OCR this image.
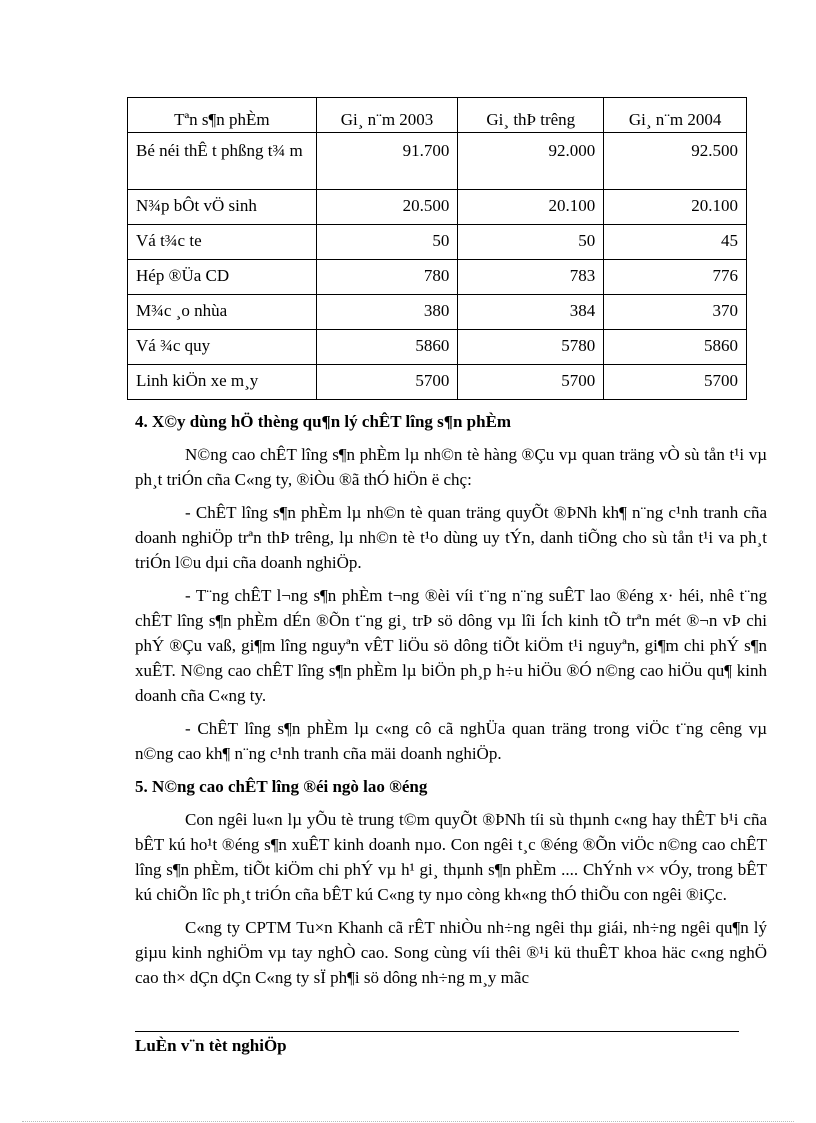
Tªn s¶n phÈm	Gi¸ n¨m 2003	Gi¸ thÞ trêng	Gi¸ n¨m 2004
Bé néi thÊ t phßng t¾ m	91.700	92.000	92.500
N¾p bÔt vÖ sinh	20.500	20.100	20.100
Vá t¾c te	50	50	45
Hép ®Üa CD	780	783	776
M¾c ¸o nhùa	380	384	370
Vá ¾c quy	5860	5780	5860
Linh kiÖn xe m¸y	5700	5700	5700
4. X©y dùng hÖ thèng qu¶n lý chÊT lîng s¶n phÈm
N©ng cao chÊT lîng s¶n phÈm lµ nh©n tè hàng ®Çu vµ quan träng vÒ sù tån t¹i vµ ph¸t triÓn cña C«ng ty, ®iÒu ®ã thÓ hiÖn ë chç:
- ChÊT lîng s¶n phÈm lµ nh©n tè quan träng quyÕt ®ÞNh kh¶ n¨ng c¹nh tranh cña doanh nghiÖp trªn thÞ trêng, lµ nh©n tè t¹o dùng uy tÝn, danh tiÕng cho sù tån t¹i va ph¸t triÓn l©u dµi cña doanh nghiÖp.
- T¨ng chÊT l¬ng s¶n phÈm t¬ng ®èi víi t¨ng n¨ng suÊT lao ®éng x· héi, nhê t¨ng chÊT lîng s¶n phÈm dÉn ®Õn t¨ng gi¸ trÞ sö dông vµ lîi Ích kinh tÕ trªn mét ®¬n vÞ chi phÝ ®Çu vaß, gi¶m lîng nguyªn vÊT liÖu sö dông tiÕt kiÖm t¹i nguyªn, gi¶m chi phÝ s¶n xuÊT. N©ng cao chÊT lîng s¶n phÈm lµ biÖn ph¸p h÷u hiÖu ®Ó n©ng cao hiÖu qu¶ kinh doanh cña C«ng ty.
- ChÊT lîng s¶n phÈm lµ c«ng cô cã nghÜa quan träng trong viÖc t¨ng cêng vµ n©ng cao kh¶ n¨ng c¹nh tranh cña mäi doanh nghiÖp.
5. N©ng cao chÊT lîng ®éi ngò lao ®éng
Con ngêi lu«n lµ yÕu tè trung t©m quyÕt ®ÞNh tíi sù thµnh c«ng hay thÊT b¹i cña bÊT kú ho¹t ®éng s¶n xuÊT kinh doanh nµo. Con ngêi t¸c ®éng ®Õn viÖc n©ng cao chÊT lîng s¶n phÈm, tiÕt kiÖm chi phÝ vµ h¹ gi¸ thµnh s¶n phÈm .... ChÝnh v× vÓy, trong bÊT kú chiÕn lîc ph¸t triÓn cña bÊT kú C«ng ty nµo còng kh«ng thÓ thiÕu con ngêi ®iÇc.
C«ng ty CPTM Tu×n Khanh cã rÊT nhiÒu nh÷ng ngêi thµ giái, nh÷ng ngêi qu¶n lý giµu kinh nghiÖm vµ tay nghÒ cao. Song cùng víi thêi ®¹i kü thuÊT khoa häc c«ng nghÖ cao th× dÇn dÇn C«ng ty sÏ ph¶i sö dông nh÷ng m¸y mãc
LuÈn v¨n tèt nghiÖp
